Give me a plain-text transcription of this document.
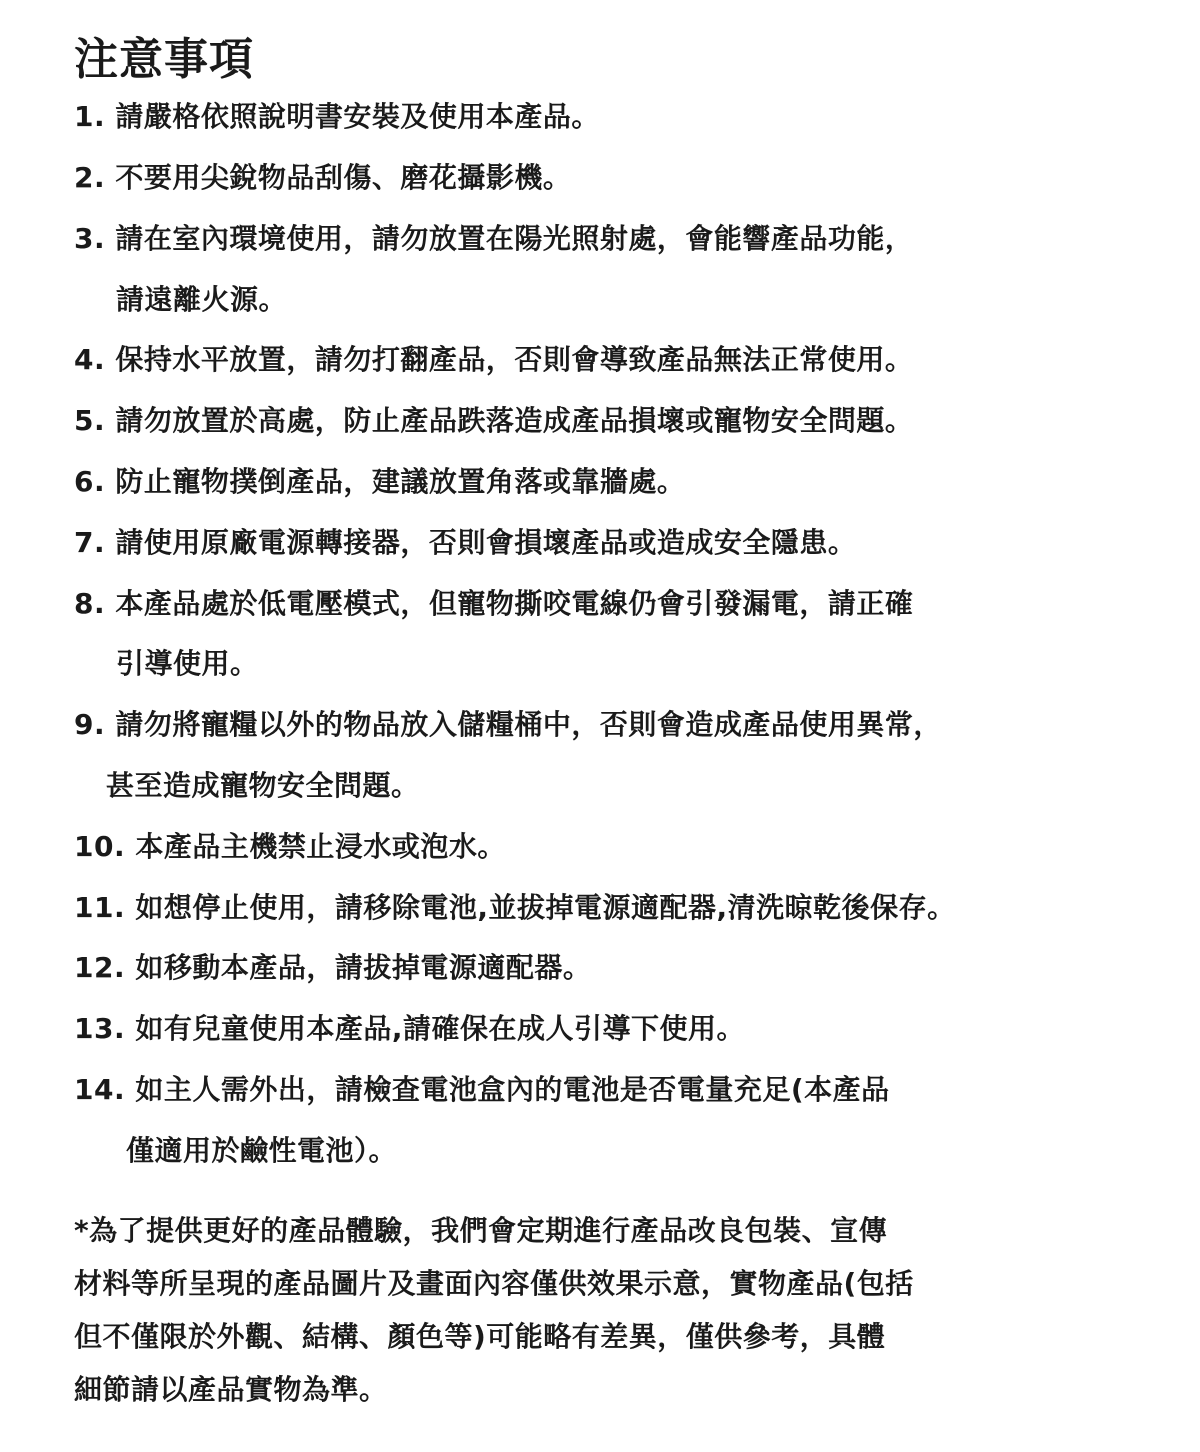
注意事項
1. 請嚴格依照說明書安裝及使用本產品。
2. 不要用尖銳物品刮傷、磨花攝影機。
3. 請在室內環境使用，請勿放置在陽光照射處，會能響產品功能，
請遠離火源。
4. 保持水平放置，請勿打翻產品，否則會導致產品無法正常使用。
5. 請勿放置於高處，防止產品跌落造成產品損壞或寵物安全問題。
6. 防止寵物撲倒產品，建議放置角落或靠牆處。
7. 請使用原廠電源轉接器，否則會損壞產品或造成安全隱患。
8. 本產品處於低電壓模式，但寵物撕咬電線仍會引發漏電，請正確
引導使用。
9. 請勿將寵糧以外的物品放入儲糧桶中，否則會造成產品使用異常，
甚至造成寵物安全問題。
10. 本產品主機禁止浸水或泡水。
11. 如想停止使用，請移除電池,並拔掉電源適配器,清洗晾乾後保存。
12. 如移動本產品，請拔掉電源適配器。
13. 如有兒童使用本產品,請確保在成人引導下使用。
14. 如主人需外出，請檢查電池盒內的電池是否電量充足(本產品
僅適用於鹼性電池）。
*為了提供更好的產品體驗，我們會定期進行產品改良包裝、宣傳
材料等所呈現的產品圖片及畫面內容僅供效果示意，實物產品(包括
但不僅限於外觀、結構、顏色等)可能略有差異，僅供參考，具體
細節請以產品實物為準。
